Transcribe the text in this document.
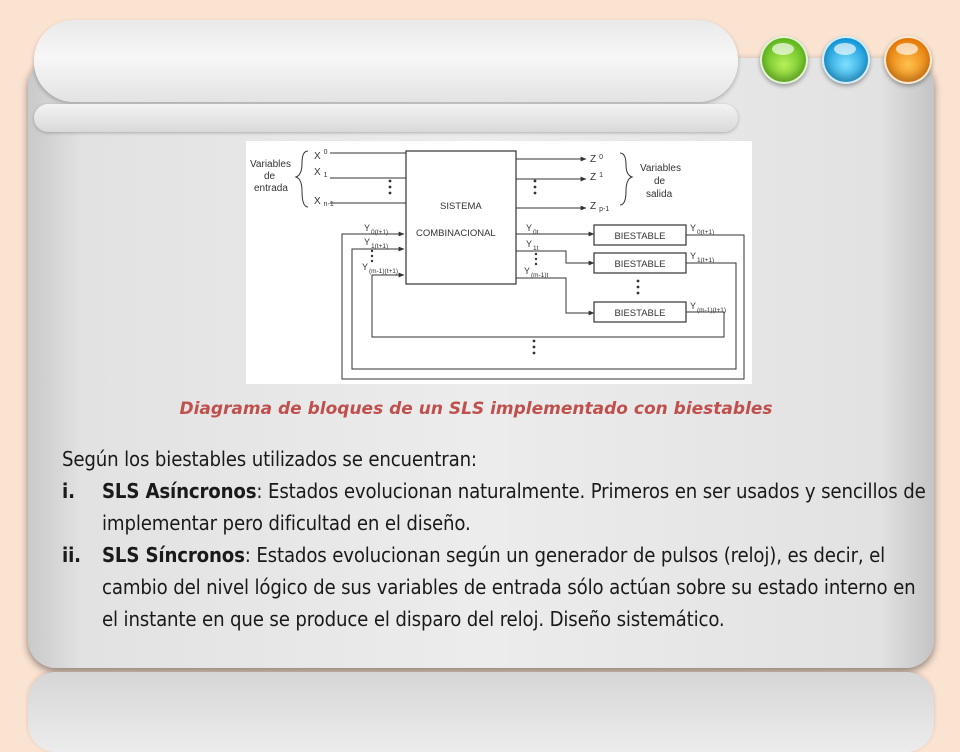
Variables
de
entrada
X $^0$
X $_1$
X $_{n-1}$	SISTEMA
COMBINACIONAL
Z $^0$
Z $^1$
Z $_{p-1}$
Variables
de
salida
$Y_{0(t+1)}$
$Y_{1(t+1)}$
$Y_{(m-1)(t+1)}$
$Y_{0t}$
$Y_{1t}$
$Y_{(m-1)t}$
BIESTABLE
BIESTABLE
BIESTABLE
$Y_{0(t+1)}$
$Y_{1(t+1)}$
$Y_{(m-1)(t+1)}$
Diagrama de bloques de un SLS implementado con biestables
Según los biestables utilizados se encuentran:
i.	SLS Asíncronos: Estados evolucionan naturalmente. Primeros en ser usados y sencillos de implementar pero dificultad en el diseño.
ii.	SLS Síncronos: Estados evolucionan según un generador de pulsos (reloj), es decir, el cambio del nivel lógico de sus variables de entrada sólo actúan sobre su estado interno en el instante en que se produce el disparo del reloj. Diseño sistemático.
